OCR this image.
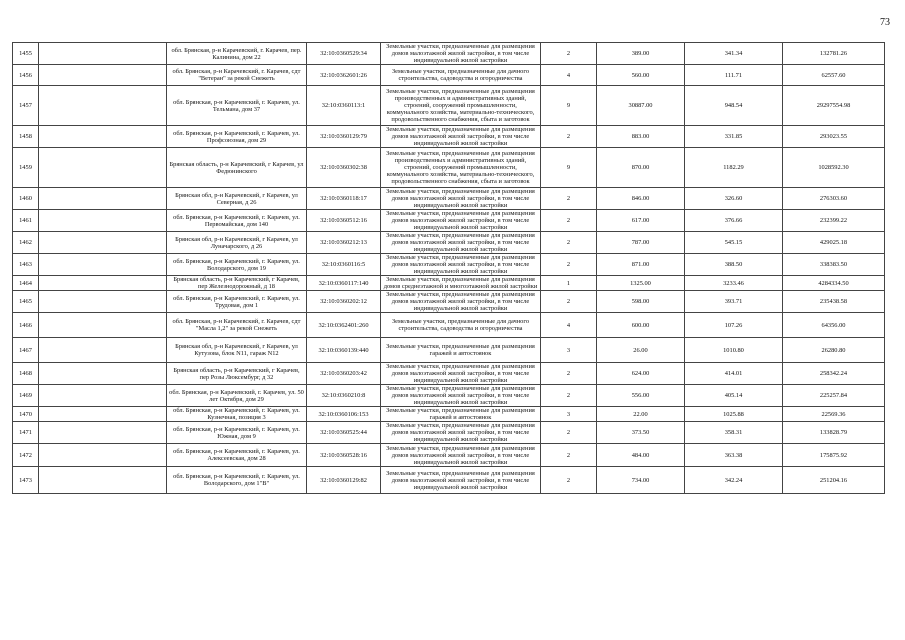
73
1455		обл. Брянская, р-н Карачевский, г. Карачев, пер. Калинина, дом 22	32:10:0360529:34	Земельные участки, предназначенные для размещения домов малоэтажной жилой застройки, в том числе индивидуальной жилой застройки	2	389.00	341.34	132781.26
1456		обл. Брянская, р-н Карачевский, г. Карачев, сдт "Ветеран" за рекой Снежеть	32:10:0362601:26	Земельные участки, предназначенные для дачного строительства, садоводства и огородничества	4	560.00	111.71	62557.60
1457		обл. Брянская, р-н Карачевский, г. Карачев, ул. Тельмана, дом 37	32:10:0360113:1	Земельные участки, предназначенные для размещения производственных и административных зданий, строений, сооружений промышленности, коммунального хозяйства, материально-технического, продовольственного снабжения, сбыта и заготовок	9	30887.00	948.54	29297554.98
1458		обл. Брянская, р-н Карачевский, г. Карачев, ул. Профсоюзная, дом 29	32:10:0360129:79	Земельные участки, предназначенные для размещения домов малоэтажной жилой застройки, в том числе индивидуальной жилой застройки	2	883.00	331.85	293023.55
1459		Брянская область, р-н Карачевский, г Карачев, ул Федюнинского	32:10:0360302:38	Земельные участки, предназначенные для размещения производственных и административных зданий, строений, сооружений промышленности, коммунального хозяйства, материально-технического, продовольственного снабжения, сбыта и заготовок	9	870.00	1182.29	1028592.30
1460		Брянская обл, р-н Карачевский, г Карачев, ул Северная, д 26	32:10:0360118:17	Земельные участки, предназначенные для размещения домов малоэтажной жилой застройки, в том числе индивидуальной жилой застройки	2	846.00	326.60	276303.60
1461		обл. Брянская, р-н Карачевский, г. Карачев, ул. Первомайская, дом 140	32:10:0360512:16	Земельные участки, предназначенные для размещения домов малоэтажной жилой застройки, в том числе индивидуальной жилой застройки	2	617.00	376.66	232399.22
1462		Брянская обл, р-н Карачевский, г Карачев, ул Луначарского, д 26	32:10:0360212:13	Земельные участки, предназначенные для размещения домов малоэтажной жилой застройки, в том числе индивидуальной жилой застройки	2	787.00	545.15	429025.18
1463		обл. Брянская, р-н Карачевский, г. Карачев, ул. Володарского, дом 19	32:10:0360116:5	Земельные участки, предназначенные для размещения домов малоэтажной жилой застройки, в том числе индивидуальной жилой застройки	2	871.00	388.50	338383.50
1464		Брянская область, р-н Карачевский, г Карачев, пер Железнодорожный, д 18	32:10:0360117:140	Земельные участки, предназначенные для размещения домов среднеэтажной и многоэтажной жилой застройки	1	1325.00	3233.46	4284334.50
1465		обл. Брянская, р-н Карачевский, г. Карачев, ул. Трудовая, дом 1	32:10:0360202:12	Земельные участки, предназначенные для размещения домов малоэтажной жилой застройки, в том числе индивидуальной жилой застройки	2	598.00	393.71	235438.58
1466		обл. Брянская, р-н Карачевский, г. Карачев, сдт "Масла 1,2" за рекой Снежеть	32:10:0362401:260	Земельные участки, предназначенные для дачного строительства, садоводства и огородничества	4	600.00	107.26	64356.00
1467		Брянская обл, р-н Карачевский, г Карачев, ул Кутузова, блок N11, гараж N12	32:10:0360139:440	Земельные участки, предназначенные для размещения гаражей и автостоянок	3	26.00	1010.80	26280.80
1468		Брянская область, р-н Карачевский, г Карачев, пер Розы Люксембург, д 32	32:10:0360203:42	Земельные участки, предназначенные для размещения домов малоэтажной жилой застройки, в том числе индивидуальной жилой застройки	2	624.00	414.01	258342.24
1469		обл. Брянская, р-н Карачевский, г. Карачев, ул. 50 лет Октября, дом 29	32:10:0360210:8	Земельные участки, предназначенные для размещения домов малоэтажной жилой застройки, в том числе индивидуальной жилой застройки	2	556.00	405.14	225257.84
1470		обл. Брянская, р-н Карачевский, г. Карачев, ул. Кузнечная, позиция 3	32:10:0360106:153	Земельные участки, предназначенные для размещения гаражей и автостоянок	3	22.00	1025.88	22569.36
1471		обл. Брянская, р-н Карачевский, г. Карачев, ул. Южная, дом 9	32:10:0360525:44	Земельные участки, предназначенные для размещения домов малоэтажной жилой застройки, в том числе индивидуальной жилой застройки	2	373.50	358.31	133828.79
1472		обл. Брянская, р-н Карачевский, г. Карачев, ул. Алексеевская, дом 28	32:10:0360528:16	Земельные участки, предназначенные для размещения домов малоэтажной жилой застройки, в том числе индивидуальной жилой застройки	2	484.00	363.38	175875.92
1473		обл. Брянская, р-н Карачевский, г. Карачев, ул. Володарского, дом 1"В"	32:10:0360129:82	Земельные участки, предназначенные для размещения домов малоэтажной жилой застройки, в том числе индивидуальной жилой застройки	2	734.00	342.24	251204.16
